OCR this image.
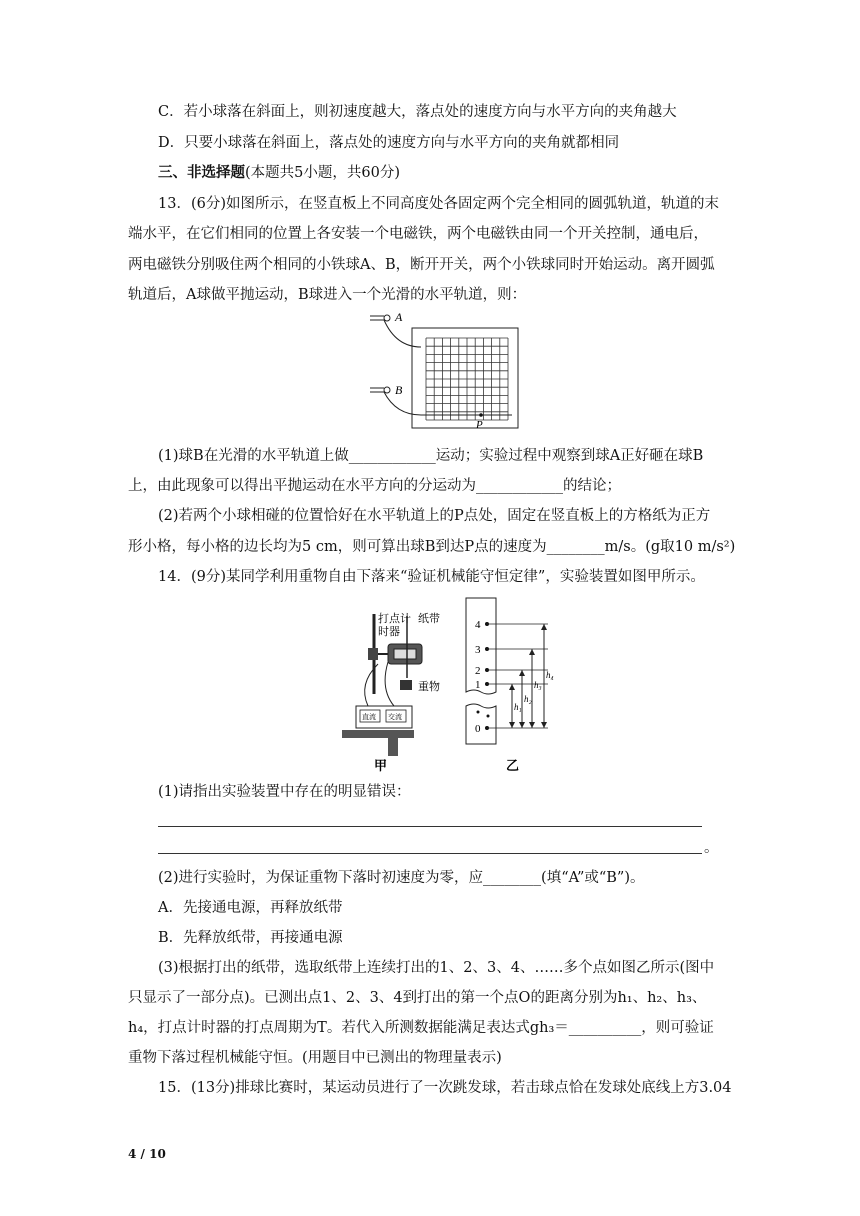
C．若小球落在斜面上，则初速度越大，落点处的速度方向与水平方向的夹角越大
D．只要小球落在斜面上，落点处的速度方向与水平方向的夹角就都相同
三、非选择题(本题共5小题，共60分)
13．(6分)如图所示，在竖直板上不同高度处各固定两个完全相同的圆弧轨道，轨道的末
端水平，在它们相同的位置上各安装一个电磁铁，两个电磁铁由同一个开关控制，通电后，
两电磁铁分别吸住两个相同的小铁球A、B，断开开关，两个小铁球同时开始运动。离开圆弧
轨道后，A球做平抛运动，B球进入一个光滑的水平轨道，则：
A
B
P
(1)球B在光滑的水平轨道上做____________运动；实验过程中观察到球A正好砸在球B
上，由此现象可以得出平抛运动在水平方向的分运动为____________的结论；
(2)若两个小球相碰的位置恰好在水平轨道上的P点处，固定在竖直板上的方格纸为正方
形小格，每小格的边长均为5 cm，则可算出球B到达P点的速度为________m/s。(g取10 m/s²)
14．(9分)某同学利用重物自由下落来“验证机械能守恒定律”，实验装置如图甲所示。
打点计
时器
纸带
重物
直流 交流
甲
4
3
2
1
0
h₁
h₂
h₃
h₄
乙
(1)请指出实验装置中存在的明显错误：
。
(2)进行实验时，为保证重物下落时初速度为零，应________(填“A”或“B”)。
A．先接通电源，再释放纸带
B．先释放纸带，再接通电源
(3)根据打出的纸带，选取纸带上连续打出的1、2、3、4、……多个点如图乙所示(图中
只显示了一部分点)。已测出点1、2、3、4到打出的第一个点O的距离分别为h₁、h₂、h₃、
h₄，打点计时器的打点周期为T。若代入所测数据能满足表达式gh₃＝__________，则可验证
重物下落过程机械能守恒。(用题目中已测出的物理量表示)
15．(13分)排球比赛时，某运动员进行了一次跳发球，若击球点恰在发球处底线上方3.04
4 / 10
